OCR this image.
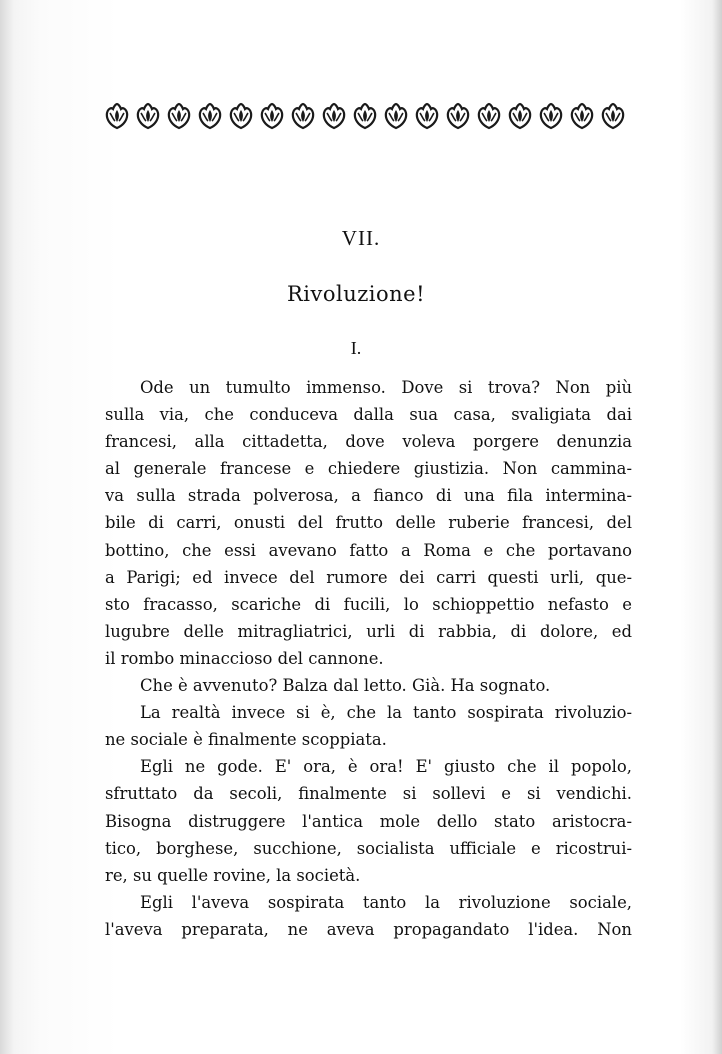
VII.
Rivoluzione!
I.
Ode un tumulto immenso. Dove si trova? Non più
sulla via, che conduceva dalla sua casa, svaligiata dai
francesi, alla cittadetta, dove voleva porgere denunzia
al generale francese e chiedere giustizia. Non cammina-
va sulla strada polverosa, a fianco di una fila intermina-
bile di carri, onusti del frutto delle ruberie francesi, del
bottino, che essi avevano fatto a Roma e che portavano
a Parigi; ed invece del rumore dei carri questi urli, que-
sto fracasso, scariche di fucili, lo schioppettio nefasto e
lugubre delle mitragliatrici, urli di rabbia, di dolore, ed
il rombo minaccioso del cannone.
Che è avvenuto? Balza dal letto. Già. Ha sognato.
La realtà invece si è, che la tanto sospirata rivoluzio-
ne sociale è finalmente scoppiata.
Egli ne gode. E' ora, è ora! E' giusto che il popolo,
sfruttato da secoli, finalmente si sollevi e si vendichi.
Bisogna distruggere l'antica mole dello stato aristocra-
tico, borghese, succhione, socialista ufficiale e ricostrui-
re, su quelle rovine, la società.
Egli l'aveva sospirata tanto la rivoluzione sociale,
l'aveva preparata, ne aveva propagandato l'idea. Non
